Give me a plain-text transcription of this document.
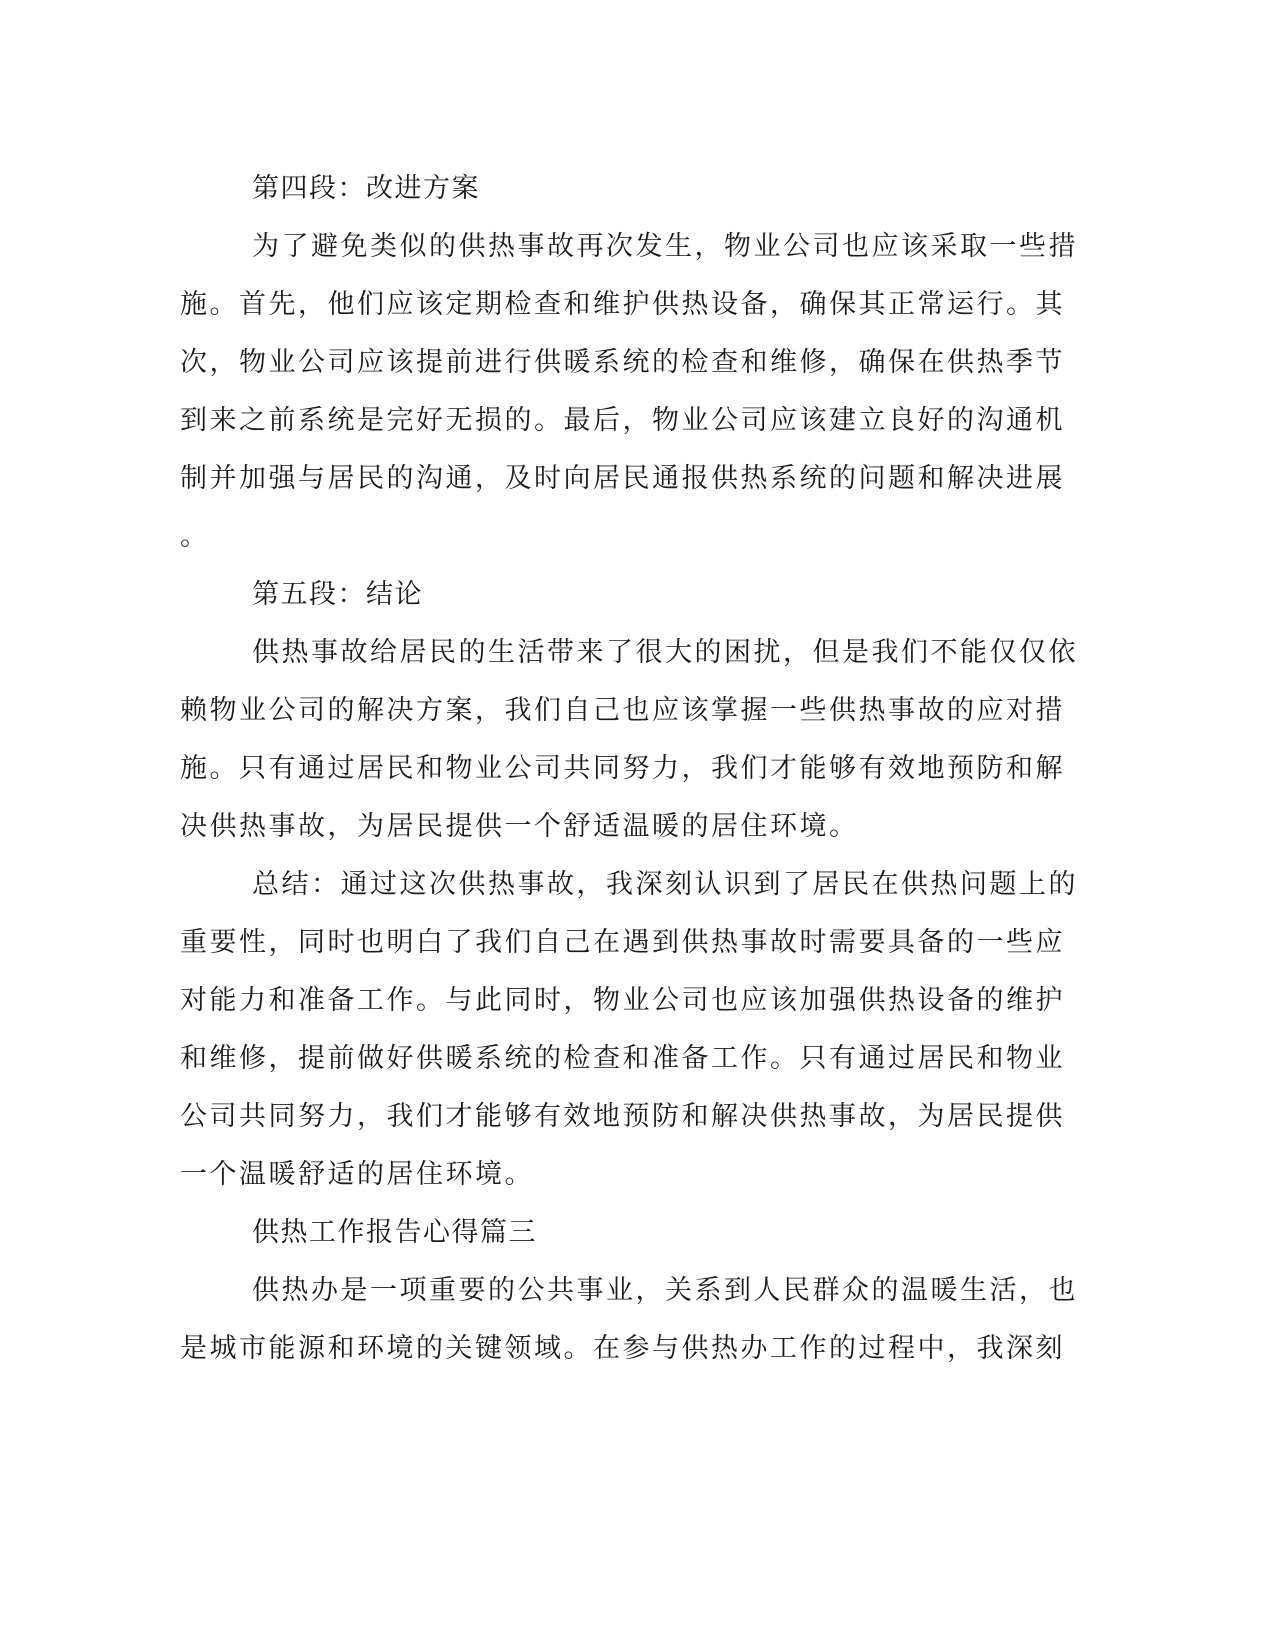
第四段：改进方案
为了避免类似的供热事故再次发生，物业公司也应该采取一些措
施。首先，他们应该定期检查和维护供热设备，确保其正常运行。其
次，物业公司应该提前进行供暖系统的检查和维修，确保在供热季节
到来之前系统是完好无损的。最后，物业公司应该建立良好的沟通机
制并加强与居民的沟通，及时向居民通报供热系统的问题和解决进展
。
第五段：结论
供热事故给居民的生活带来了很大的困扰，但是我们不能仅仅依
赖物业公司的解决方案，我们自己也应该掌握一些供热事故的应对措
施。只有通过居民和物业公司共同努力，我们才能够有效地预防和解
决供热事故，为居民提供一个舒适温暖的居住环境。
总结：通过这次供热事故，我深刻认识到了居民在供热问题上的
重要性，同时也明白了我们自己在遇到供热事故时需要具备的一些应
对能力和准备工作。与此同时，物业公司也应该加强供热设备的维护
和维修，提前做好供暖系统的检查和准备工作。只有通过居民和物业
公司共同努力，我们才能够有效地预防和解决供热事故，为居民提供
一个温暖舒适的居住环境。
供热工作报告心得篇三
供热办是一项重要的公共事业，关系到人民群众的温暖生活，也
是城市能源和环境的关键领域。在参与供热办工作的过程中，我深刻
